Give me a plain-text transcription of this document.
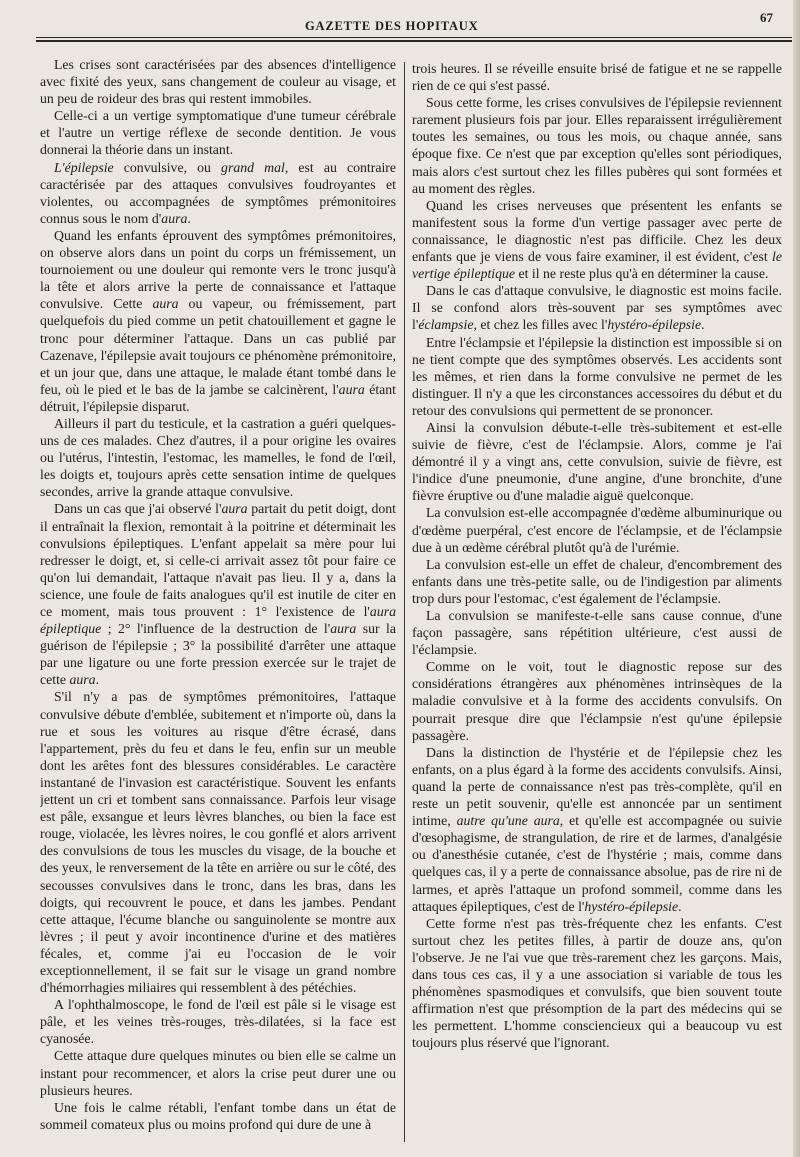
GAZETTE DES HOPITAUX
67

Les crises sont caractérisées par des absences d'intelligence avec fixité des yeux, sans changement de couleur au visage, et un peu de roideur des bras qui restent immobiles.

Celle-ci a un vertige symptomatique d'une tumeur cérébrale et l'autre un vertige réflexe de seconde dentition. Je vous donnerai la théorie dans un instant.

L'épilepsie convulsive, ou grand mal, est au contraire caractérisée par des attaques convulsives foudroyantes et violentes, ou accompagnées de symptômes prémonitoires connus sous le nom d'aura.

Quand les enfants éprouvent des symptômes prémonitoires, on observe alors dans un point du corps un frémissement, un tournoiement ou une douleur qui remonte vers le tronc jusqu'à la tête et alors arrive la perte de connaissance et l'attaque convulsive. Cette aura ou vapeur, ou frémissement, part quelquefois du pied comme un petit chatouillement et gagne le tronc pour déterminer l'attaque. Dans un cas publié par Cazenave, l'épilepsie avait toujours ce phénomène prémonitoire, et un jour que, dans une attaque, le malade étant tombé dans le feu, où le pied et le bas de la jambe se calcinèrent, l'aura étant détruit, l'épilepsie disparut.

Ailleurs il part du testicule, et la castration a guéri quelques-uns de ces malades. Chez d'autres, il a pour origine les ovaires ou l'utérus, l'intestin, l'estomac, les mamelles, le fond de l'œil, les doigts et, toujours après cette sensation intime de quelques secondes, arrive la grande attaque convulsive.

Dans un cas que j'ai observé l'aura partait du petit doigt, dont il entraînait la flexion, remontait à la poitrine et déterminait les convulsions épileptiques. L'enfant appelait sa mère pour lui redresser le doigt, et, si celle-ci arrivait assez tôt pour faire ce qu'on lui demandait, l'attaque n'avait pas lieu. Il y a, dans la science, une foule de faits analogues qu'il est inutile de citer en ce moment, mais tous prouvent : 1° l'existence de l'aura épileptique ; 2° l'influence de la destruction de l'aura sur la guérison de l'épilepsie ; 3° la possibilité d'arrêter une attaque par une ligature ou une forte pression exercée sur le trajet de cette aura.

S'il n'y a pas de symptômes prémonitoires, l'attaque convulsive débute d'emblée, subitement et n'importe où, dans la rue et sous les voitures au risque d'être écrasé, dans l'appartement, près du feu et dans le feu, enfin sur un meuble dont les arêtes font des blessures considérables. Le caractère instantané de l'invasion est caractéristique. Souvent les enfants jettent un cri et tombent sans connaissance. Parfois leur visage est pâle, exsangue et leurs lèvres blanches, ou bien la face est rouge, violacée, les lèvres noires, le cou gonflé et alors arrivent des convulsions de tous les muscles du visage, de la bouche et des yeux, le renversement de la tête en arrière ou sur le côté, des secousses convulsives dans le tronc, dans les bras, dans les doigts, qui recouvrent le pouce, et dans les jambes. Pendant cette attaque, l'écume blanche ou sanguinolente se montre aux lèvres ; il peut y avoir incontinence d'urine et des matières fécales, et, comme j'ai eu l'occasion de le voir exceptionnellement, il se fait sur le visage un grand nombre d'hémorrhagies miliaires qui ressemblent à des pétéchies.

A l'ophthalmoscope, le fond de l'œil est pâle si le visage est pâle, et les veines très-rouges, très-dilatées, si la face est cyanosée.

Cette attaque dure quelques minutes ou bien elle se calme un instant pour recommencer, et alors la crise peut durer une ou plusieurs heures.

Une fois le calme rétabli, l'enfant tombe dans un état de sommeil comateux plus ou moins profond qui dure de une à

trois heures. Il se réveille ensuite brisé de fatigue et ne se rappelle rien de ce qui s'est passé.

Sous cette forme, les crises convulsives de l'épilepsie reviennent rarement plusieurs fois par jour. Elles reparaissent irrégulièrement toutes les semaines, ou tous les mois, ou chaque année, sans époque fixe. Ce n'est que par exception qu'elles sont périodiques, mais alors c'est surtout chez les filles pubères qui sont formées et au moment des règles.

Quand les crises nerveuses que présentent les enfants se manifestent sous la forme d'un vertige passager avec perte de connaissance, le diagnostic n'est pas difficile. Chez les deux enfants que je viens de vous faire examiner, il est évident, c'est le vertige épileptique et il ne reste plus qu'à en déterminer la cause.

Dans le cas d'attaque convulsive, le diagnostic est moins facile. Il se confond alors très-souvent par ses symptômes avec l'éclampsie, et chez les filles avec l'hystéro-épilepsie.

Entre l'éclampsie et l'épilepsie la distinction est impossible si on ne tient compte que des symptômes observés. Les accidents sont les mêmes, et rien dans la forme convulsive ne permet de les distinguer. Il n'y a que les circonstances accessoires du début et du retour des convulsions qui permettent de se prononcer.

Ainsi la convulsion débute-t-elle très-subitement et est-elle suivie de fièvre, c'est de l'éclampsie. Alors, comme je l'ai démontré il y a vingt ans, cette convulsion, suivie de fièvre, est l'indice d'une pneumonie, d'une angine, d'une bronchite, d'une fièvre éruptive ou d'une maladie aiguë quelconque.

La convulsion est-elle accompagnée d'œdème albuminurique ou d'œdème puerpéral, c'est encore de l'éclampsie, et de l'éclampsie due à un œdème cérébral plutôt qu'à de l'urémie.

La convulsion est-elle un effet de chaleur, d'encombrement des enfants dans une très-petite salle, ou de l'indigestion par aliments trop durs pour l'estomac, c'est également de l'éclampsie.

La convulsion se manifeste-t-elle sans cause connue, d'une façon passagère, sans répétition ultérieure, c'est aussi de l'éclampsie.

Comme on le voit, tout le diagnostic repose sur des considérations étrangères aux phénomènes intrinsèques de la maladie convulsive et à la forme des accidents convulsifs. On pourrait presque dire que l'éclampsie n'est qu'une épilepsie passagère.

Dans la distinction de l'hystérie et de l'épilepsie chez les enfants, on a plus égard à la forme des accidents convulsifs. Ainsi, quand la perte de connaissance n'est pas très-complète, qu'il en reste un petit souvenir, qu'elle est annoncée par un sentiment intime, autre qu'une aura, et qu'elle est accompagnée ou suivie d'œsophagisme, de strangulation, de rire et de larmes, d'analgésie ou d'anesthésie cutanée, c'est de l'hystérie ; mais, comme dans quelques cas, il y a perte de connaissance absolue, pas de rire ni de larmes, et après l'attaque un profond sommeil, comme dans les attaques épileptiques, c'est de l'hystéro-épilepsie.

Cette forme n'est pas très-fréquente chez les enfants. C'est surtout chez les petites filles, à partir de douze ans, qu'on l'observe. Je ne l'ai vue que très-rarement chez les garçons. Mais, dans tous ces cas, il y a une association si variable de tous les phénomènes spasmodiques et convulsifs, que bien souvent toute affirmation n'est que présomption de la part des médecins qui se les permettent. L'homme consciencieux qui a beaucoup vu est toujours plus réservé que l'ignorant.
